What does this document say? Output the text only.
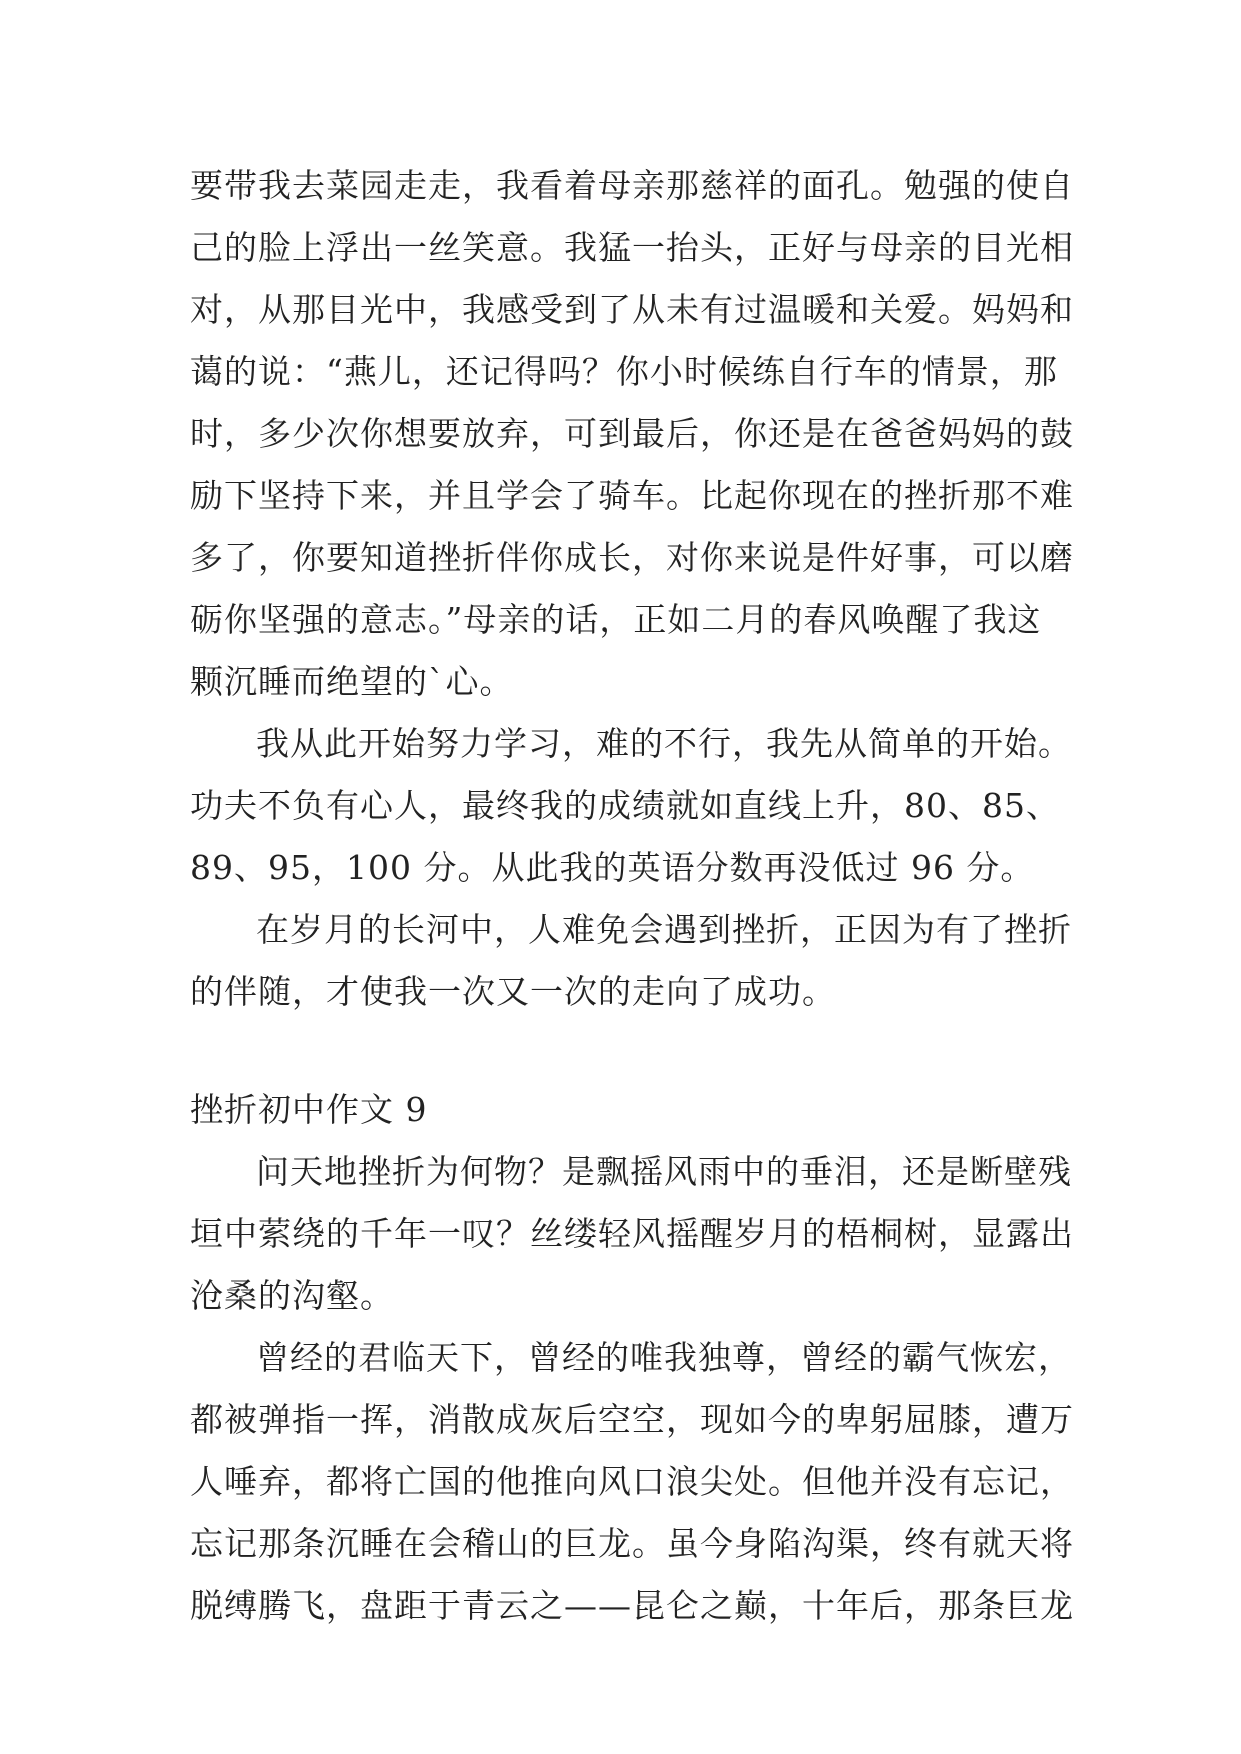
要带我去菜园走走，我看着母亲那慈祥的面孔。勉强的使自
己的脸上浮出一丝笑意。我猛一抬头，正好与母亲的目光相
对，从那目光中，我感受到了从未有过温暖和关爱。妈妈和
蔼的说：“燕儿，还记得吗？你小时候练自行车的情景，那
时，多少次你想要放弃，可到最后，你还是在爸爸妈妈的鼓
励下坚持下来，并且学会了骑车。比起你现在的挫折那不难
多了，你要知道挫折伴你成长，对你来说是件好事，可以磨
砺你坚强的意志。”母亲的话，正如二月的春风唤醒了我这
颗沉睡而绝望的`心。
我从此开始努力学习，难的不行，我先从简单的开始。
功夫不负有心人，最终我的成绩就如直线上升，80、85、
89、95，100 分。从此我的英语分数再没低过 96 分。
在岁月的长河中，人难免会遇到挫折，正因为有了挫折
的伴随，才使我一次又一次的走向了成功。
挫折初中作文 9
问天地挫折为何物？是飘摇风雨中的垂泪，还是断壁残
垣中萦绕的千年一叹？丝缕轻风摇醒岁月的梧桐树，显露出
沧桑的沟壑。
曾经的君临天下，曾经的唯我独尊，曾经的霸气恢宏，
都被弹指一挥，消散成灰后空空，现如今的卑躬屈膝，遭万
人唾弃，都将亡国的他推向风口浪尖处。但他并没有忘记，
忘记那条沉睡在会稽山的巨龙。虽今身陷沟渠，终有就天将
脱缚腾飞，盘距于青云之——昆仑之巅，十年后，那条巨龙
